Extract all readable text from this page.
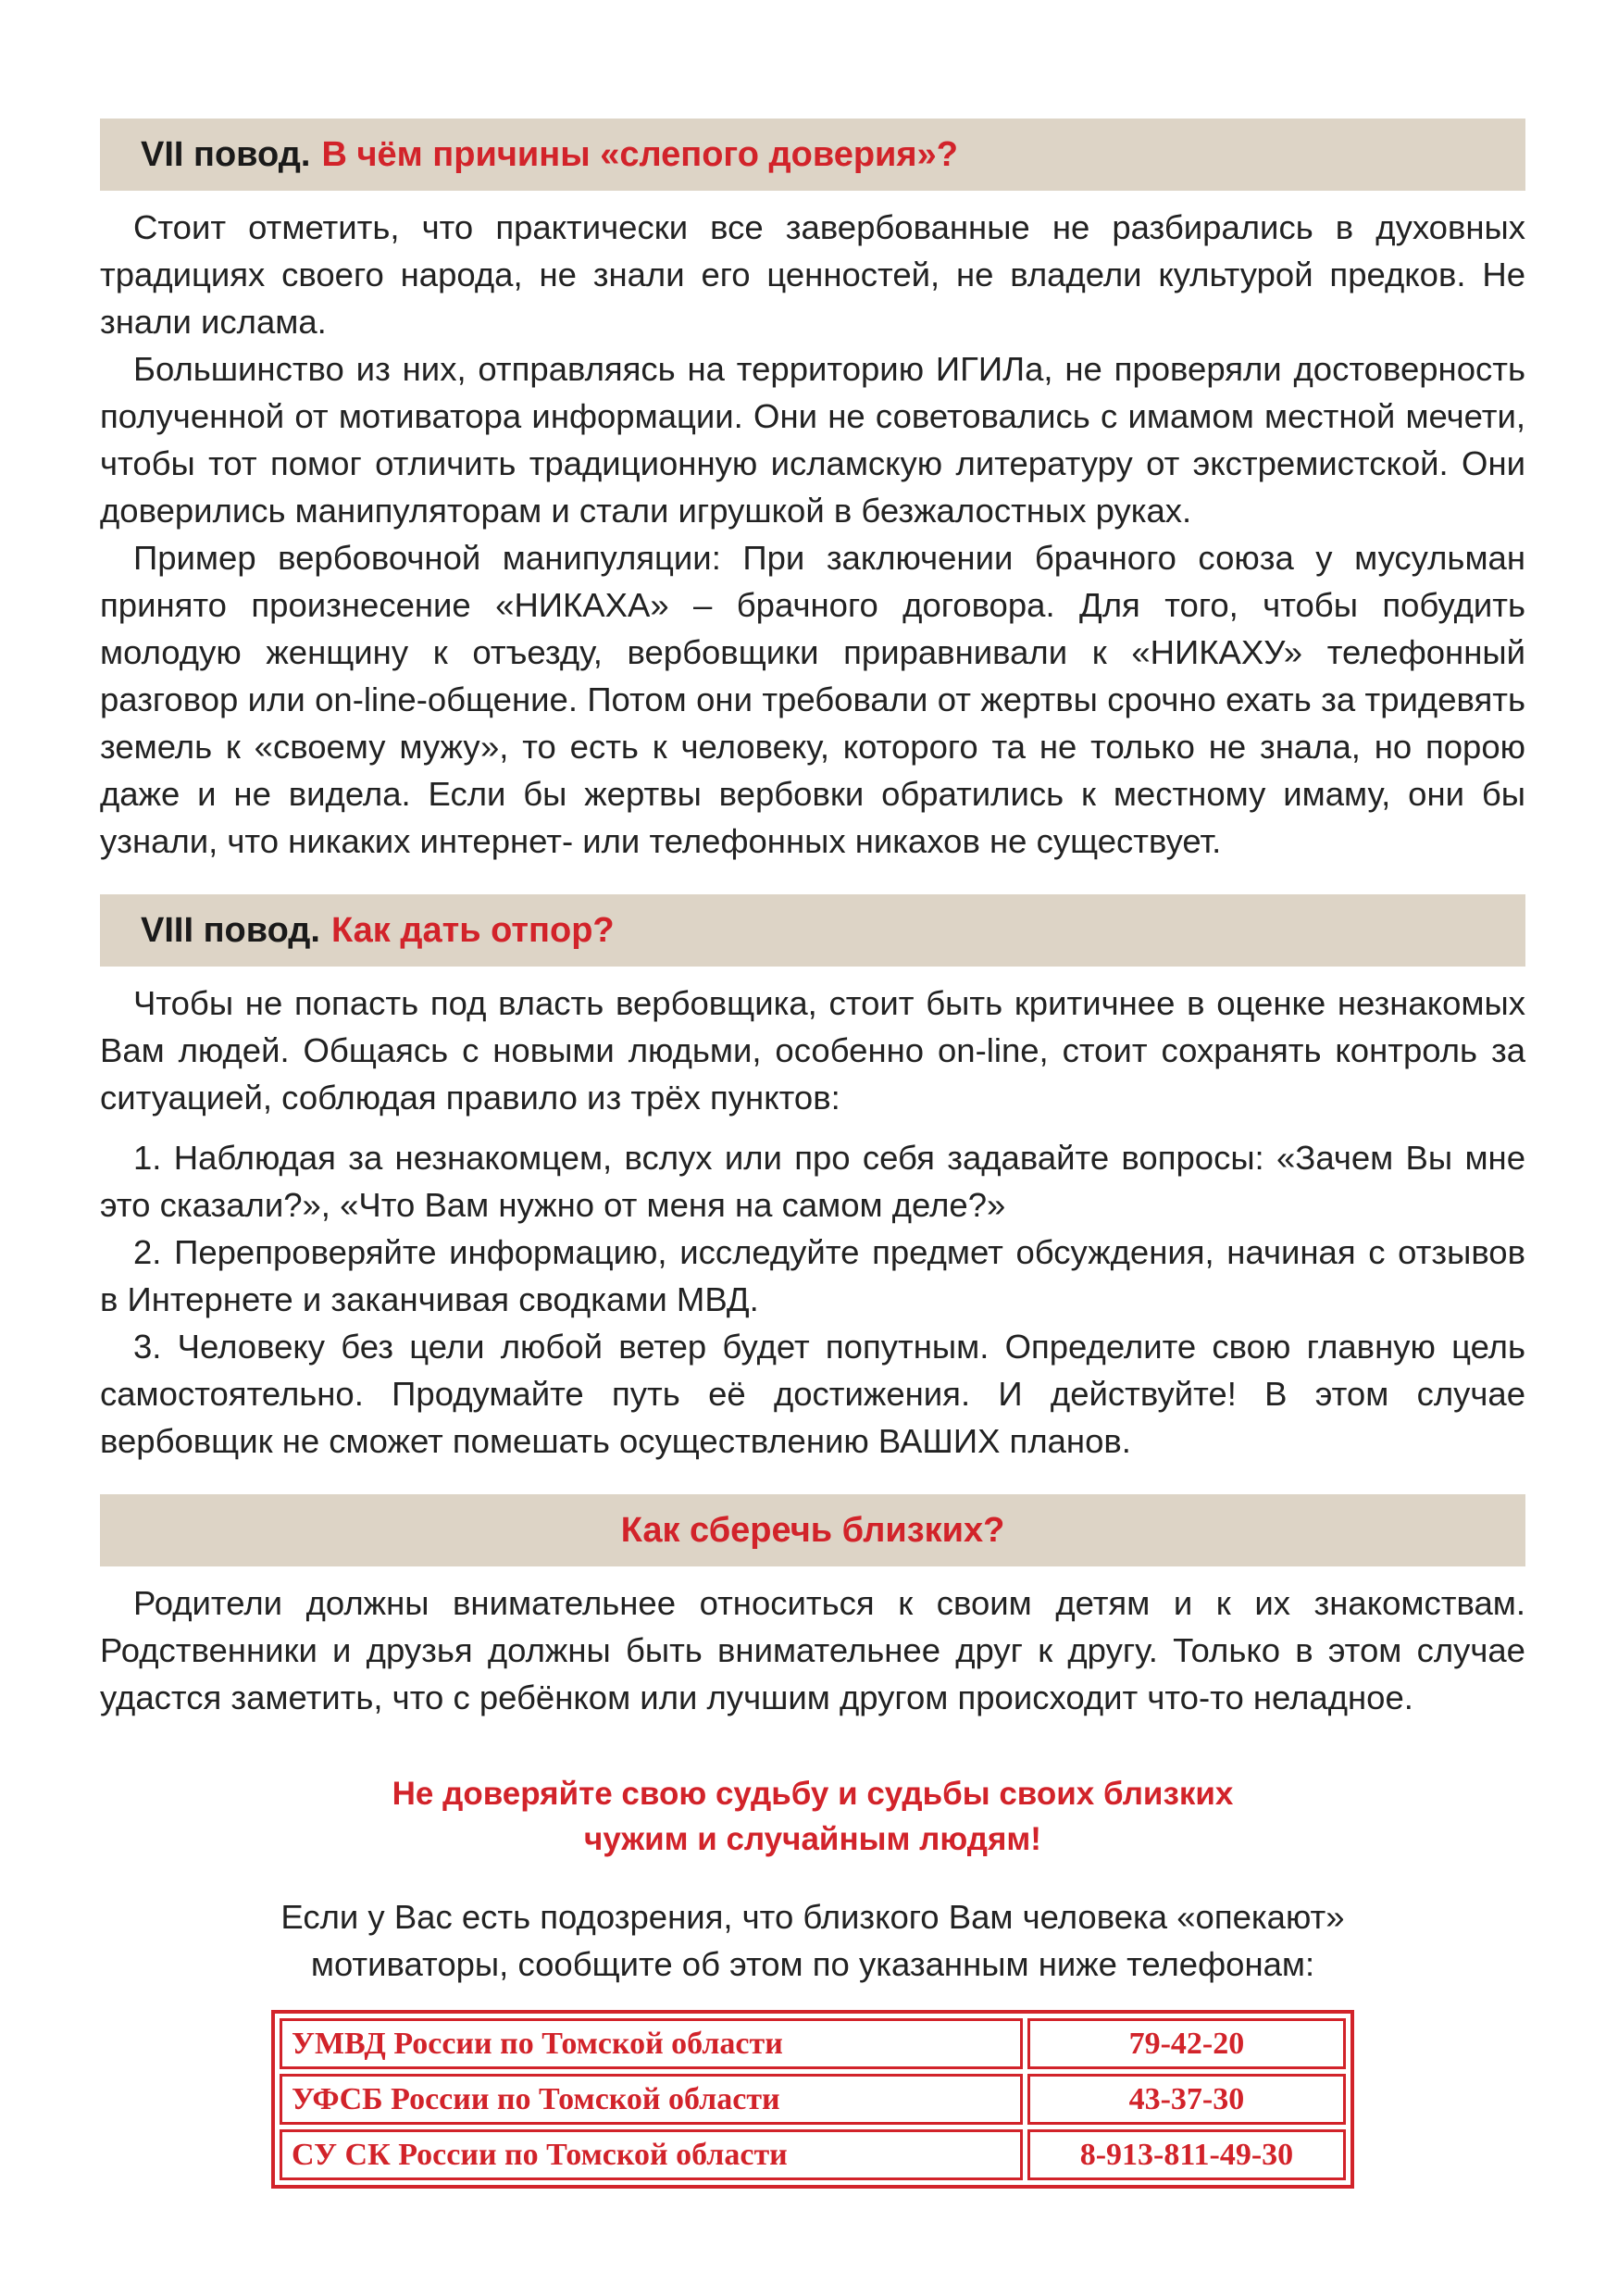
VII повод. В чём причины «слепого доверия»?

Стоит отметить, что практически все завербованные не разбирались в духовных традициях своего народа, не знали его ценностей, не владели культурой предков. Не знали ислама.

Большинство из них, отправляясь на территорию ИГИЛа, не проверяли достоверность полученной от мотиватора информации. Они не советовались с имамом местной мечети, чтобы тот помог отличить традиционную исламскую литературу от экстремистской. Они доверились манипуляторам и стали игрушкой в безжалостных руках.

Пример вербовочной манипуляции: При заключении брачного союза у мусульман принято произнесение «НИКАХА» – брачного договора. Для того, чтобы побудить молодую женщину к отъезду, вербовщики приравнивали к «НИКАХУ» телефонный разговор или on-line-общение. Потом они требовали от жертвы срочно ехать за тридевять земель к «своему мужу», то есть к человеку, которого та не только не знала, но порою даже и не видела. Если бы жертвы вербовки обратились к местному имаму, они бы узнали, что никаких интернет- или телефонных никахов не существует.

VIII повод. Как дать отпор?

Чтобы не попасть под власть вербовщика, стоит быть критичнее в оценке незнакомых Вам людей. Общаясь с новыми людьми, особенно on-line, стоит сохранять контроль за ситуацией, соблюдая правило из трёх пунктов:

1. Наблюдая за незнакомцем, вслух или про себя задавайте вопросы: «Зачем Вы мне это сказали?», «Что Вам нужно от меня на самом деле?»

2. Перепроверяйте информацию, исследуйте предмет обсуждения, начиная с отзывов в Интернете и заканчивая сводками МВД.

3. Человеку без цели любой ветер будет попутным. Определите свою главную цель самостоятельно. Продумайте путь её достижения. И действуйте! В этом случае вербовщик не сможет помешать осуществлению ВАШИХ планов.

Как сберечь близких?

Родители должны внимательнее относиться к своим детям и к их знакомствам. Родственники и друзья должны быть внимательнее друг к другу. Только в этом случае удастся заметить, что с ребёнком или лучшим другом происходит что-то неладное.

Не доверяйте свою судьбу и судьбы своих близких
чужим и случайным людям!
Если у Вас есть подозрения, что близкого Вам человека «опекают»
мотиваторы, сообщите об этом по указанным ниже телефонам:
УМВД России по Томской области	79-42-20
УФСБ России по Томской области	43-37-30
СУ СК России по Томской области	8-913-811-49-30
